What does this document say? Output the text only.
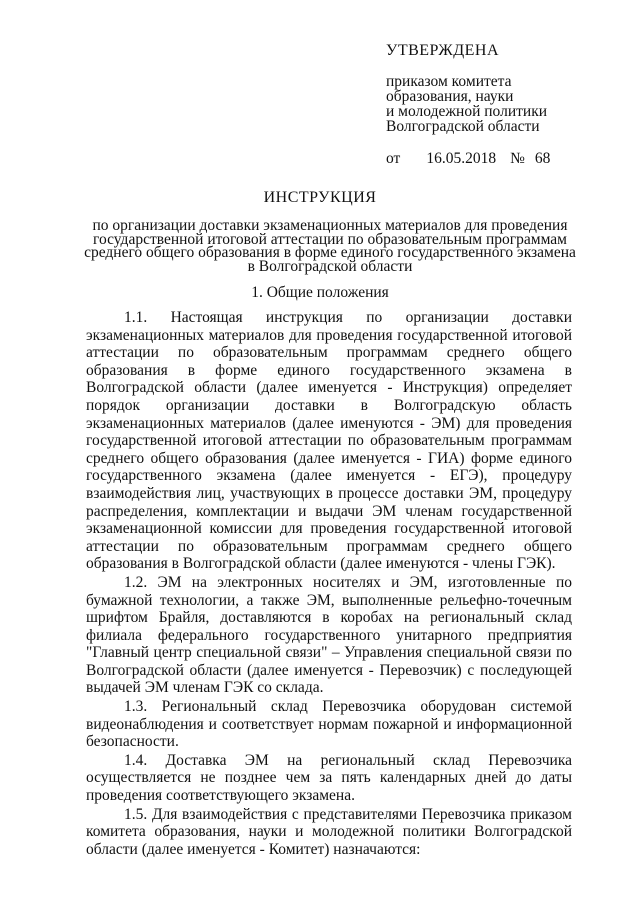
УТВЕРЖДЕНА
приказом комитета
образования, науки
и молодежной политики
Волгоградской области
от 16.05.2018 № 68
ИНСТРУКЦИЯ
по организации доставки экзаменационных материалов для проведения
государственной итоговой аттестации по образовательным программам
среднего общего образования в форме единого государственного экзамена
в Волгоградской области
1. Общие положения

1.1. Настоящая инструкция по организации доставки экзаменационных материалов для проведения государственной итоговой аттестации по образовательным программам среднего общего образования в форме единого государственного экзамена в Волгоградской области (далее именуется - Инструкция) определяет порядок организации доставки в Волгоградскую область экзаменационных материалов (далее именуются - ЭМ) для проведения государственной итоговой аттестации по образовательным программам среднего общего образования (далее именуется - ГИА) форме единого государственного экзамена (далее именуется - ЕГЭ), процедуру взаимодействия лиц, участвующих в процессе доставки ЭМ, процедуру распределения, комплектации и выдачи ЭМ членам государственной экзаменационной комиссии для проведения государственной итоговой аттестации по образовательным программам среднего общего образования в Волгоградской области (далее именуются - члены ГЭК).

1.2. ЭМ на электронных носителях и ЭМ, изготовленные по бумажной технологии, а также ЭМ, выполненные рельефно-точечным шрифтом Брайля, доставляются в коробах на региональный склад филиала федерального государственного унитарного предприятия "Главный центр специальной связи" – Управления специальной связи по Волгоградской области (далее именуется - Перевозчик) с последующей выдачей ЭМ членам ГЭК со склада.

1.3. Региональный склад Перевозчика оборудован системой видеонаблюдения и соответствует нормам пожарной и информационной безопасности.

1.4. Доставка ЭМ на региональный склад Перевозчика осуществляется не позднее чем за пять календарных дней до даты проведения соответствующего экзамена.

1.5. Для взаимодействия с представителями Перевозчика приказом комитета образования, науки и молодежной политики Волгоградской области (далее именуется - Комитет) назначаются:
